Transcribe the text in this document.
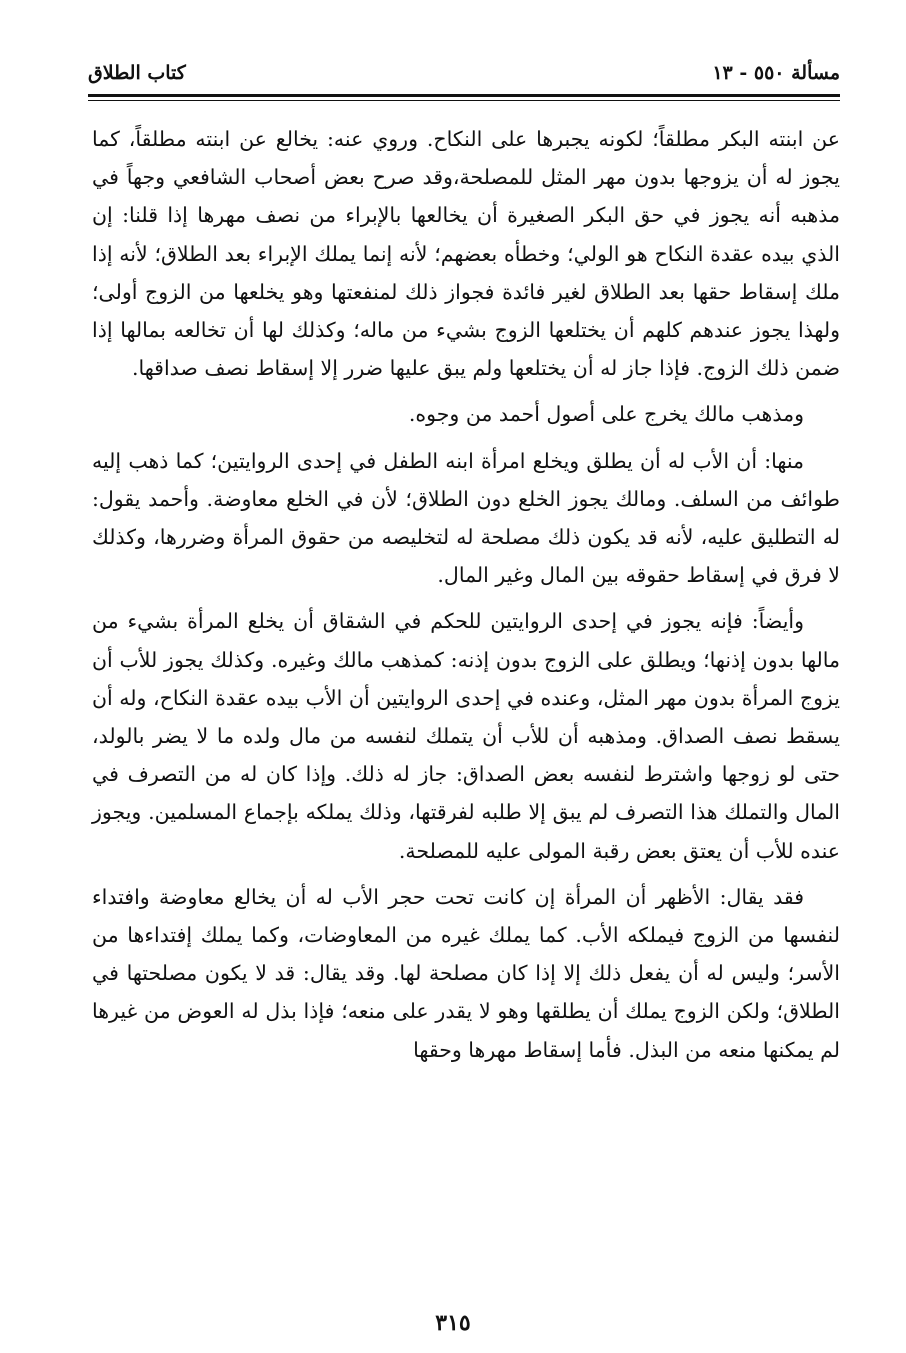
مسألة ٥٥٠ - ١٣
كتاب الطلاق

عن ابنته البكر مطلقاً؛ لكونه يجبرها على النكاح. وروي عنه: يخالع عن ابنته مطلقاً، كما يجوز له أن يزوجها بدون مهر المثل للمصلحة،وقد صرح بعض أصحاب الشافعي وجهاً في مذهبه أنه يجوز في حق البكر الصغيرة أن يخالعها بالإبراء من نصف مهرها إذا قلنا: إن الذي بيده عقدة النكاح هو الولي؛ وخطأه بعضهم؛ لأنه إنما يملك الإبراء بعد الطلاق؛ لأنه إذا ملك إسقاط حقها بعد الطلاق لغير فائدة فجواز ذلك لمنفعتها وهو يخلعها من الزوج أولى؛ ولهذا يجوز عندهم كلهم أن يختلعها الزوج بشيء من ماله؛ وكذلك لها أن تخالعه بمالها إذا ضمن ذلك الزوج. فإذا جاز له أن يختلعها ولم يبق عليها ضرر إلا إسقاط نصف صداقها.

ومذهب مالك يخرج على أصول أحمد من وجوه.

منها: أن الأب له أن يطلق ويخلع امرأة ابنه الطفل في إحدى الروايتين؛ كما ذهب إليه طوائف من السلف. ومالك يجوز الخلع دون الطلاق؛ لأن في الخلع معاوضة. وأحمد يقول: له التطليق عليه، لأنه قد يكون ذلك مصلحة له لتخليصه من حقوق المرأة وضررها، وكذلك لا فرق في إسقاط حقوقه بين المال وغير المال.

وأيضاً: فإنه يجوز في إحدى الروايتين للحكم في الشقاق أن يخلع المرأة بشيء من مالها بدون إذنها؛ ويطلق على الزوج بدون إذنه: كمذهب مالك وغيره. وكذلك يجوز للأب أن يزوج المرأة بدون مهر المثل، وعنده في إحدى الروايتين أن الأب بيده عقدة النكاح، وله أن يسقط نصف الصداق. ومذهبه أن للأب أن يتملك لنفسه من مال ولده ما لا يضر بالولد، حتى لو زوجها واشترط لنفسه بعض الصداق: جاز له ذلك. وإذا كان له من التصرف في المال والتملك هذا التصرف لم يبق إلا طلبه لفرقتها، وذلك يملكه بإجماع المسلمين. ويجوز عنده للأب أن يعتق بعض رقبة المولى عليه للمصلحة.

فقد يقال: الأظهر أن المرأة إن كانت تحت حجر الأب له أن يخالع معاوضة وافتداء لنفسها من الزوج فيملكه الأب. كما يملك غيره من المعاوضات، وكما يملك إفتداءها من الأسر؛ وليس له أن يفعل ذلك إلا إذا كان مصلحة لها. وقد يقال: قد لا يكون مصلحتها في الطلاق؛ ولكن الزوج يملك أن يطلقها وهو لا يقدر على منعه؛ فإذا بذل له العوض من غيرها لم يمكنها منعه من البذل. فأما إسقاط مهرها وحقها

٣١٥
